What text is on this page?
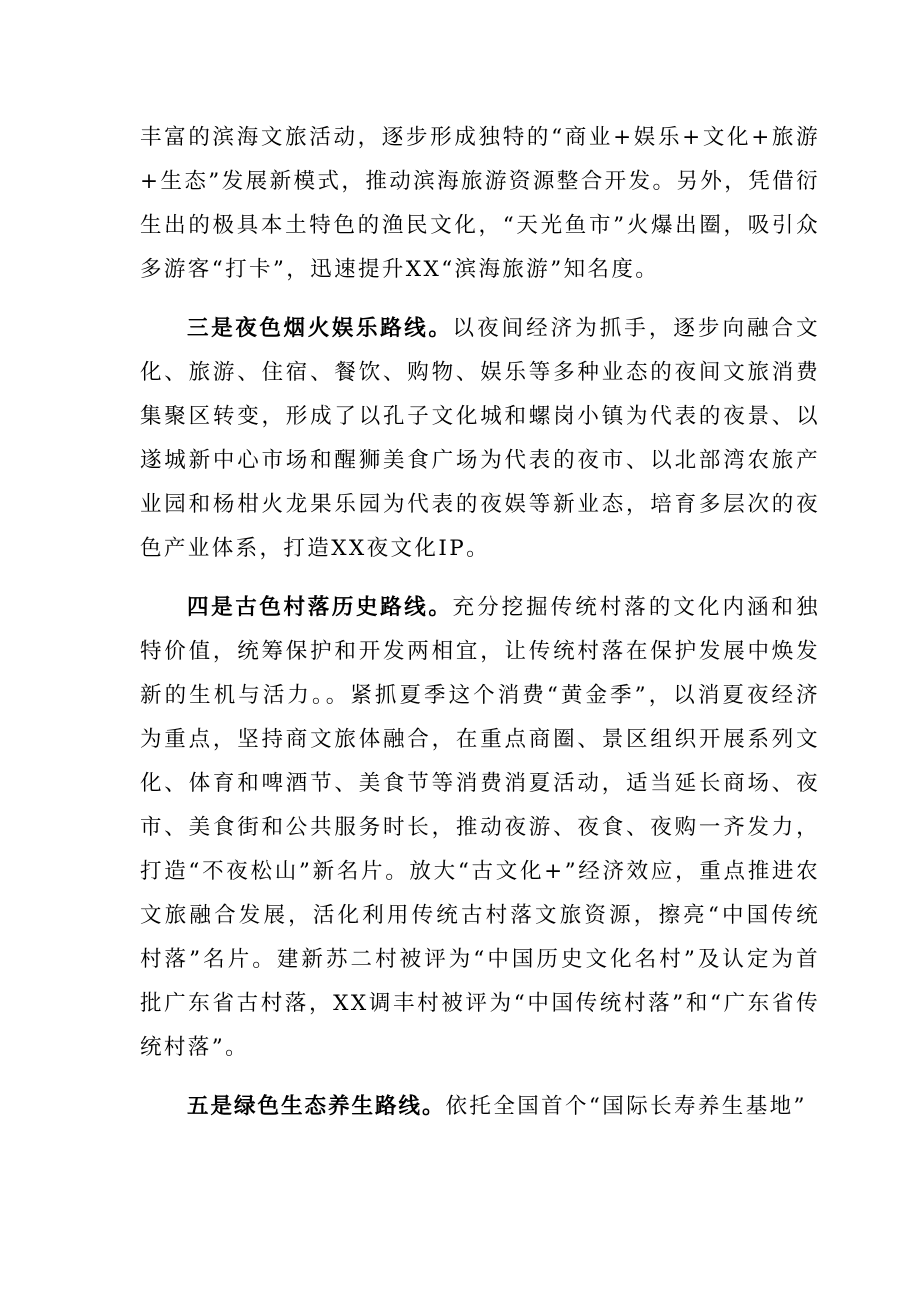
丰富的滨海文旅活动，逐步形成独特的“商业+娱乐+文化+旅游+生态”发展新模式，推动滨海旅游资源整合开发。另外，凭借衍生出的极具本土特色的渔民文化，“天光鱼市”火爆出圈，吸引众多游客“打卡”，迅速提升XX“滨海旅游”知名度。

三是夜色烟火娱乐路线。以夜间经济为抓手，逐步向融合文化、旅游、住宿、餐饮、购物、娱乐等多种业态的夜间文旅消费集聚区转变，形成了以孔子文化城和螺岗小镇为代表的夜景、以遂城新中心市场和醒狮美食广场为代表的夜市、以北部湾农旅产业园和杨柑火龙果乐园为代表的夜娱等新业态，培育多层次的夜色产业体系，打造XX夜文化IP。

四是古色村落历史路线。充分挖掘传统村落的文化内涵和独特价值，统筹保护和开发两相宜，让传统村落在保护发展中焕发新的生机与活力。。紧抓夏季这个消费“黄金季”，以消夏夜经济为重点，坚持商文旅体融合，在重点商圈、景区组织开展系列文化、体育和啤酒节、美食节等消费消夏活动，适当延长商场、夜市、美食街和公共服务时长，推动夜游、夜食、夜购一齐发力，打造“不夜松山”新名片。放大“古文化+”经济效应，重点推进农文旅融合发展，活化利用传统古村落文旅资源，擦亮“中国传统村落”名片。建新苏二村被评为“中国历史文化名村”及认定为首批广东省古村落，XX调丰村被评为“中国传统村落”和“广东省传统村落”。

五是绿色生态养生路线。依托全国首个“国际长寿养生基地”
